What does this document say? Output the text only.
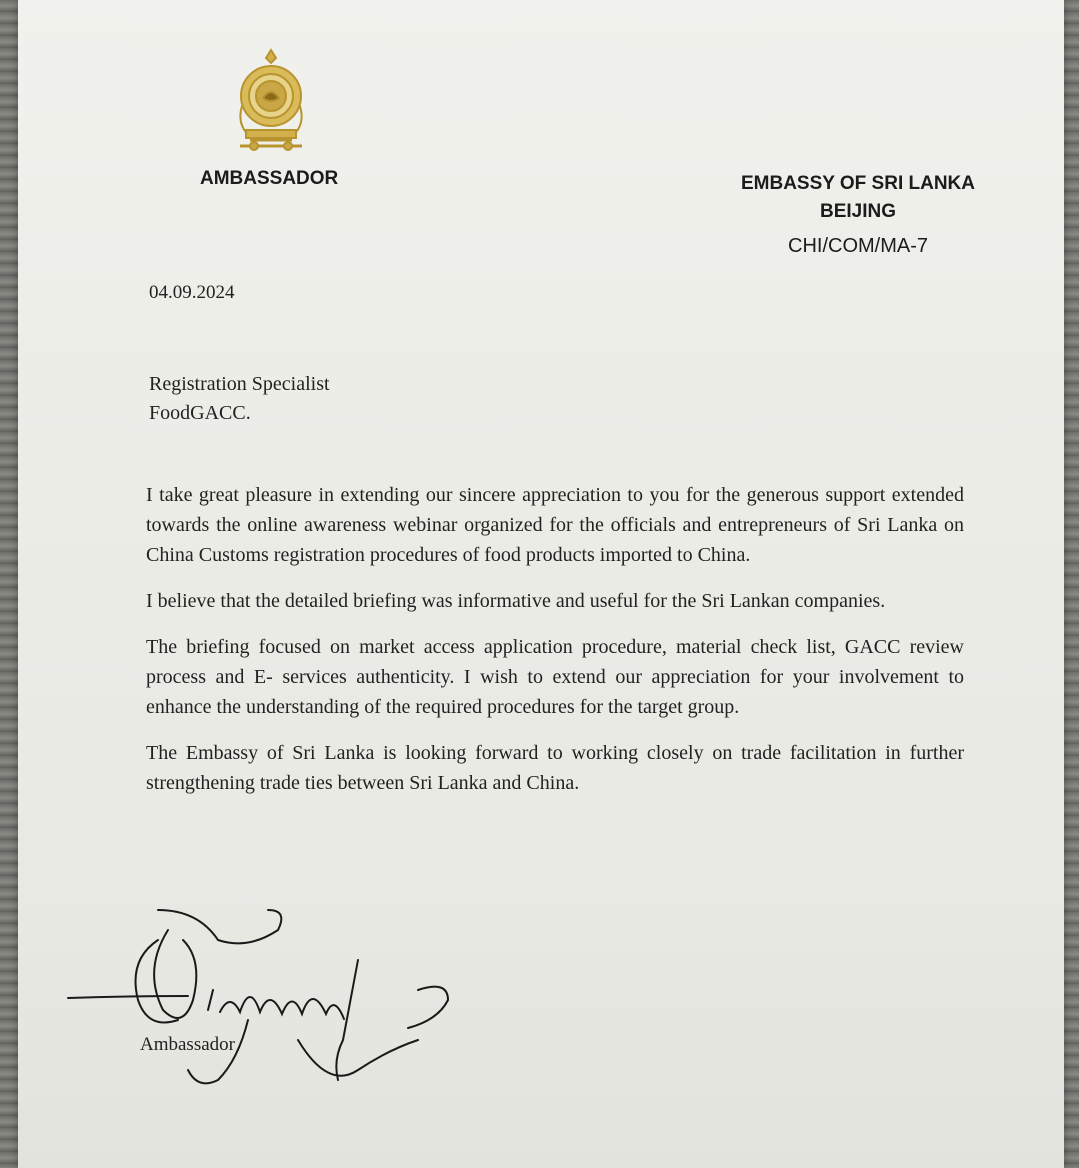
AMBASSADOR	EMBASSY OF SRI LANKA
BEIJING
CHI/COM/MA-7
04.09.2024
Registration Specialist
FoodGACC.

I take great pleasure in extending our sincere appreciation to you for the generous support extended towards the online awareness webinar organized for the officials and entrepreneurs of Sri Lanka on China Customs registration procedures of food products imported to China.

I believe that the detailed briefing was informative and useful for the Sri Lankan companies.

The briefing focused on market access application procedure, material check list, GACC review process and E- services authenticity. I wish to extend our appreciation for your involvement to enhance the understanding of the required procedures for the target group.

The Embassy of Sri Lanka is looking forward to working closely on trade facilitation in further strengthening trade ties between Sri Lanka and China.

Ambassador
